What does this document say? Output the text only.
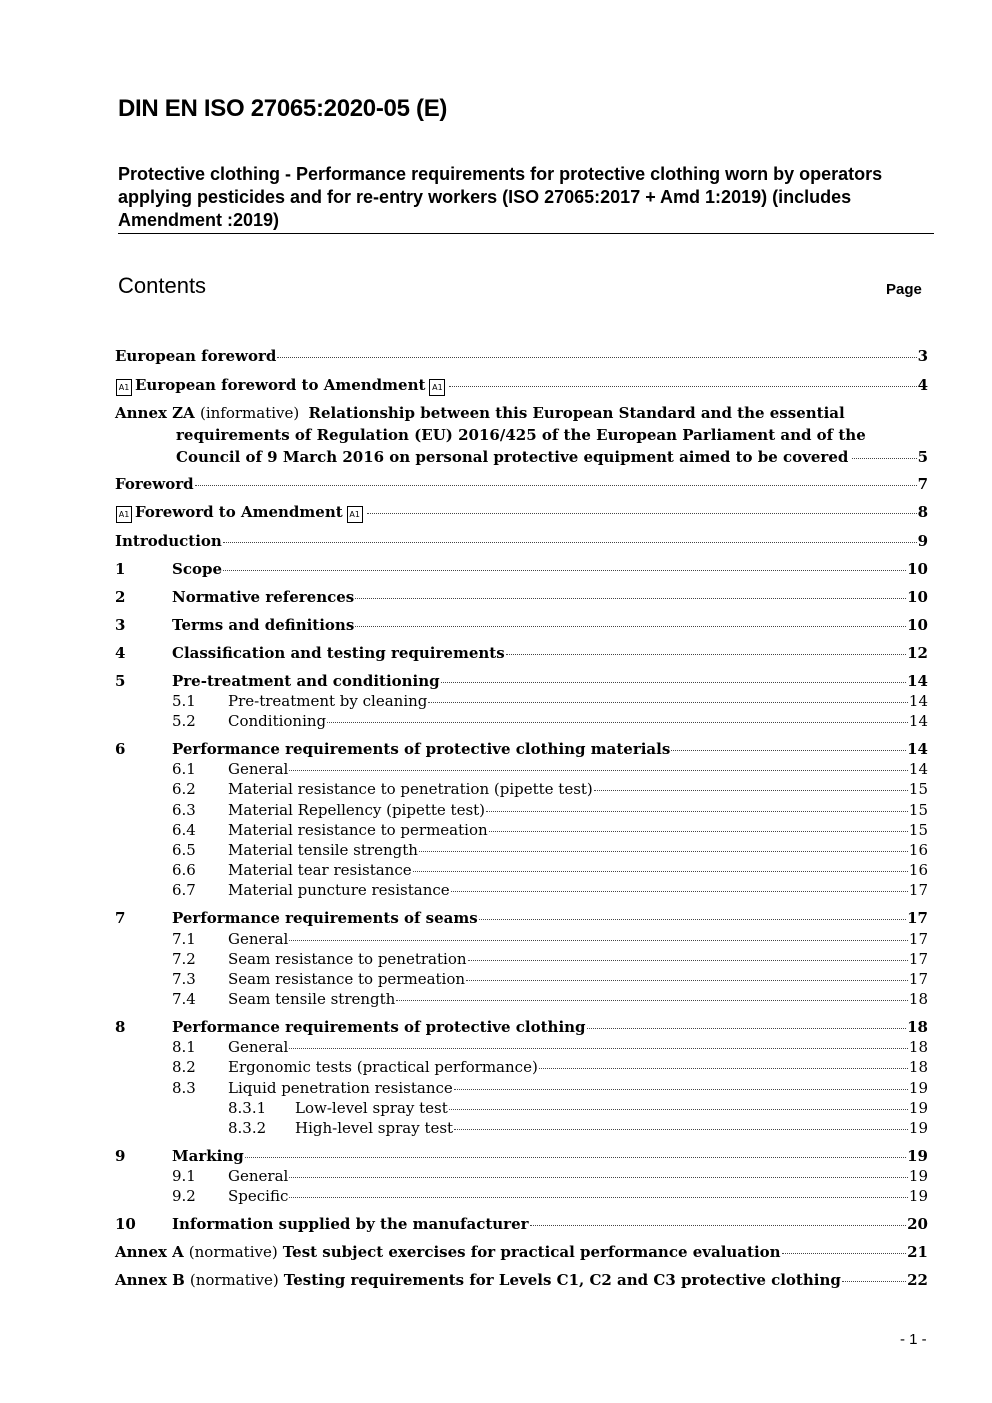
DIN EN ISO 27065:2020-05 (E)
Protective clothing - Performance requirements for protective clothing worn by operators applying pesticides and for re-entry workers (ISO 27065:2017 + Amd 1:2019) (includes Amendment :2019)
Contents	Page
European foreword	3
A1 European foreword to Amendment A1	4
Annex ZA (informative) Relationship between this European Standard and the essential
requirements of Regulation (EU) 2016/425 of the European Parliament and of the
Council of 9 March 2016 on personal protective equipment aimed to be covered	5
Foreword	7
A1 Foreword to Amendment A1	8
Introduction	9
1	Scope	10
2	Normative references	10
3	Terms and definitions	10
4	Classification and testing requirements	12
5	Pre-treatment and conditioning	14
5.1	Pre-treatment by cleaning	14
5.2	Conditioning	14
6	Performance requirements of protective clothing materials	14
6.1	General	14
6.2	Material resistance to penetration (pipette test)	15
6.3	Material Repellency (pipette test)	15
6.4	Material resistance to permeation	15
6.5	Material tensile strength	16
6.6	Material tear resistance	16
6.7	Material puncture resistance	17
7	Performance requirements of seams	17
7.1	General	17
7.2	Seam resistance to penetration	17
7.3	Seam resistance to permeation	17
7.4	Seam tensile strength	18
8	Performance requirements of protective clothing	18
8.1	General	18
8.2	Ergonomic tests (practical performance)	18
8.3	Liquid penetration resistance	19
8.3.1	Low-level spray test	19
8.3.2	High-level spray test	19
9	Marking	19
9.1	General	19
9.2	Specific	19
10	Information supplied by the manufacturer	20
Annex A (normative) Test subject exercises for practical performance evaluation	21
Annex B (normative) Testing requirements for Levels C1, C2 and C3 protective clothing	22
- 1 -
